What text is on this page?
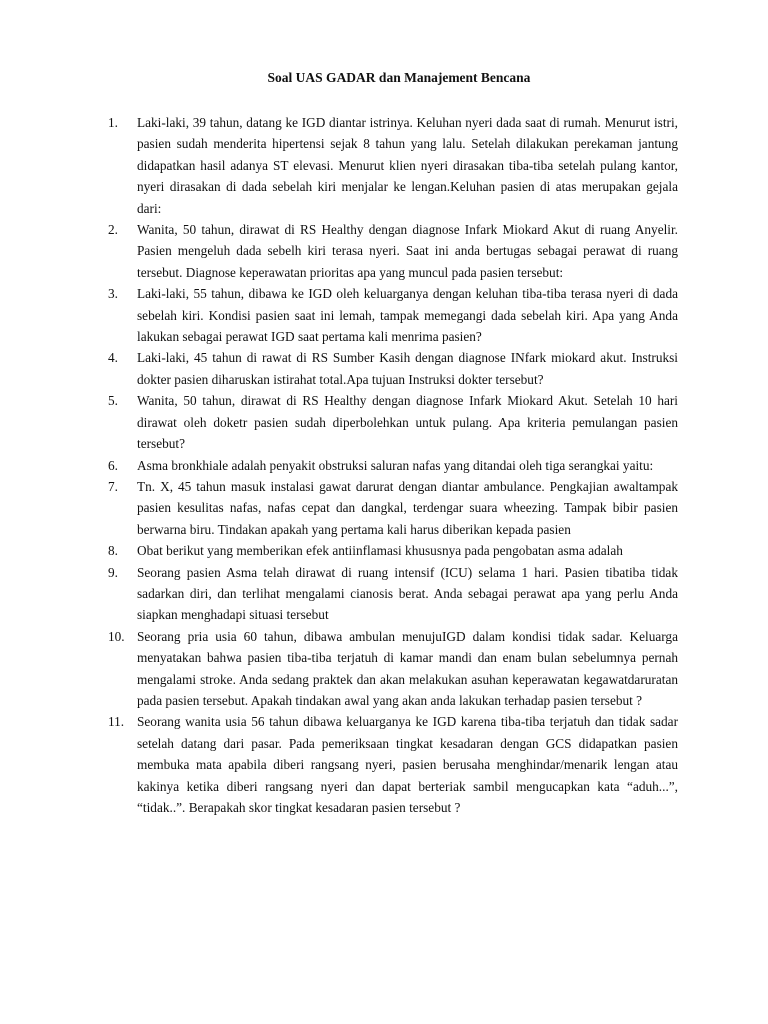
Soal UAS GADAR dan Manajement Bencana
1.	Laki-laki, 39 tahun, datang ke IGD diantar istrinya. Keluhan nyeri dada saat di rumah. Menurut istri, pasien sudah menderita hipertensi sejak 8 tahun yang lalu. Setelah dilakukan perekaman jantung didapatkan hasil adanya ST elevasi. Menurut klien nyeri dirasakan tiba-tiba setelah pulang kantor, nyeri dirasakan di dada sebelah kiri menjalar ke lengan.Keluhan pasien di atas merupakan gejala dari:
2.	Wanita, 50 tahun, dirawat di RS Healthy dengan diagnose Infark Miokard Akut di ruang Anyelir. Pasien mengeluh dada sebelh kiri terasa nyeri. Saat ini anda bertugas sebagai perawat di ruang tersebut. Diagnose keperawatan prioritas apa yang muncul pada pasien tersebut:
3.	Laki-laki, 55 tahun, dibawa ke IGD oleh keluarganya dengan keluhan tiba-tiba terasa nyeri di dada sebelah kiri. Kondisi pasien saat ini lemah, tampak memegangi dada sebelah kiri. Apa yang Anda lakukan sebagai perawat IGD saat pertama kali menrima pasien?
4.	Laki-laki, 45 tahun di rawat di RS Sumber Kasih dengan diagnose INfark miokard akut. Instruksi dokter pasien diharuskan istirahat total.Apa tujuan Instruksi dokter tersebut?
5.	Wanita, 50 tahun, dirawat di RS Healthy dengan diagnose Infark Miokard Akut. Setelah 10 hari dirawat oleh doketr pasien sudah diperbolehkan untuk pulang. Apa kriteria pemulangan pasien tersebut?
6.	Asma bronkhiale adalah penyakit obstruksi saluran nafas yang ditandai oleh tiga serangkai yaitu:
7.	Tn. X, 45 tahun masuk instalasi gawat darurat dengan diantar ambulance. Pengkajian awaltampak pasien kesulitas nafas, nafas cepat dan dangkal, terdengar suara wheezing. Tampak bibir pasien berwarna biru. Tindakan apakah yang pertama kali harus diberikan kepada pasien
8.	Obat berikut yang memberikan efek antiinflamasi khususnya pada pengobatan asma adalah
9.	Seorang pasien Asma telah dirawat di ruang intensif (ICU) selama 1 hari. Pasien tibatiba tidak sadarkan diri, dan terlihat mengalami cianosis berat. Anda sebagai perawat apa yang perlu Anda siapkan menghadapi situasi tersebut
10. Seorang pria usia 60 tahun, dibawa ambulan menujuIGD dalam kondisi tidak sadar. Keluarga menyatakan bahwa pasien tiba-tiba terjatuh di kamar mandi dan enam bulan sebelumnya pernah mengalami stroke. Anda sedang praktek dan akan melakukan asuhan keperawatan kegawatdaruratan pada pasien tersebut. Apakah tindakan awal yang akan anda lakukan terhadap pasien tersebut ?
11. Seorang wanita usia 56 tahun dibawa keluarganya ke IGD karena tiba-tiba terjatuh dan tidak sadar setelah datang dari pasar. Pada pemeriksaan tingkat kesadaran dengan GCS didapatkan pasien membuka mata apabila diberi rangsang nyeri, pasien berusaha menghindar/menarik lengan atau kakinya ketika diberi rangsang nyeri dan dapat berteriak sambil mengucapkan kata “aduh...”, “tidak..”. Berapakah skor tingkat kesadaran pasien tersebut ?
